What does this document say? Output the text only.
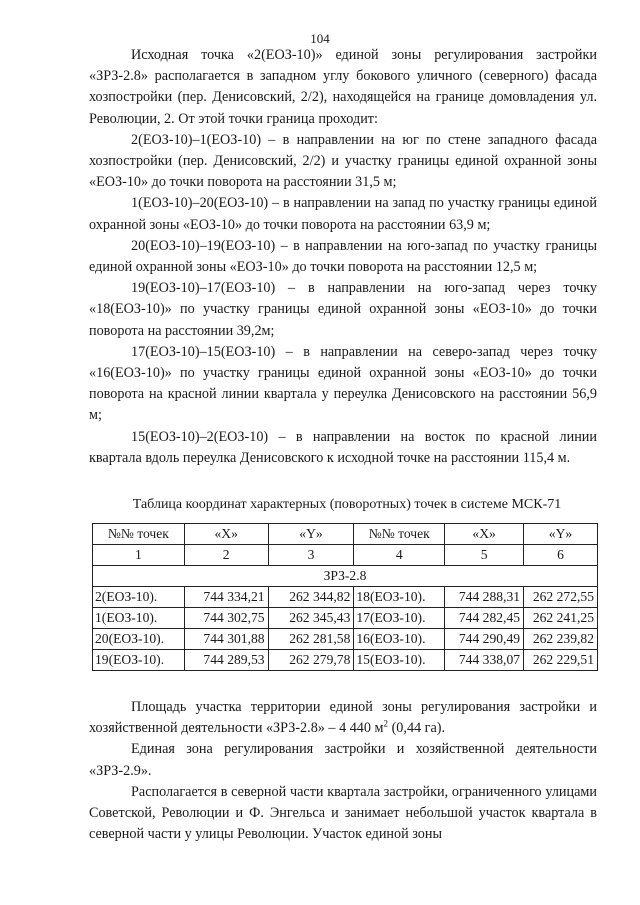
104

Исходная точка «2(ЕОЗ-10)» единой зоны регулирования застройки «ЗРЗ-2.8» располагается в западном углу бокового уличного (северного) фасада хозпостройки (пер. Денисовский, 2/2), находящейся на границе домовладения ул. Революции, 2. От этой точки граница проходит:

2(ЕОЗ-10)–1(ЕОЗ-10) – в направлении на юг по стене западного фасада хозпостройки (пер. Денисовский, 2/2) и участку границы единой охранной зоны «ЕОЗ-10» до точки поворота на расстоянии 31,5 м;

1(ЕОЗ-10)–20(ЕОЗ-10) – в направлении на запад по участку границы единой охранной зоны «ЕОЗ-10» до точки поворота на расстоянии 63,9 м;

20(ЕОЗ-10)–19(ЕОЗ-10) – в направлении на юго-запад по участку границы единой охранной зоны «ЕОЗ-10» до точки поворота на расстоянии 12,5 м;

19(ЕОЗ-10)–17(ЕОЗ-10) – в направлении на юго-запад через точку «18(ЕОЗ-10)» по участку границы единой охранной зоны «ЕОЗ-10» до точки поворота на расстоянии 39,2м;

17(ЕОЗ-10)–15(ЕОЗ-10) – в направлении на северо-запад через точку «16(ЕОЗ-10)» по участку границы единой охранной зоны «ЕОЗ-10» до точки поворота на красной линии квартала у переулка Денисовского на расстоянии 56,9 м;

15(ЕОЗ-10)–2(ЕОЗ-10) – в направлении на восток по красной линии квартала вдоль переулка Денисовского к исходной точке на расстоянии 115,4 м.

Таблица координат характерных (поворотных) точек в системе МСК-71

№№ точек	«X»	«Y»	№№ точек	«X»	«Y»
1	2	3	4	5	6
ЗРЗ-2.8					
2(ЕОЗ-10).	744 334,21	262 344,82	18(ЕОЗ-10).	744 288,31	262 272,55
1(ЕОЗ-10).	744 302,75	262 345,43	17(ЕОЗ-10).	744 282,45	262 241,25
20(ЕОЗ-10).	744 301,88	262 281,58	16(ЕОЗ-10).	744 290,49	262 239,82
19(ЕОЗ-10).	744 289,53	262 279,78	15(ЕОЗ-10).	744 338,07	262 229,51

Площадь участка территории единой зоны регулирования застройки и хозяйственной деятельности «ЗРЗ-2.8» – 4 440 $м^2$ (0,44 га).

Единая зона регулирования застройки и хозяйственной деятельности «ЗРЗ-2.9».

Располагается в северной части квартала застройки, ограниченного улицами Советской, Революции и Ф. Энгельса и занимает небольшой участок квартала в северной части у улицы Революции. Участок единой зоны
